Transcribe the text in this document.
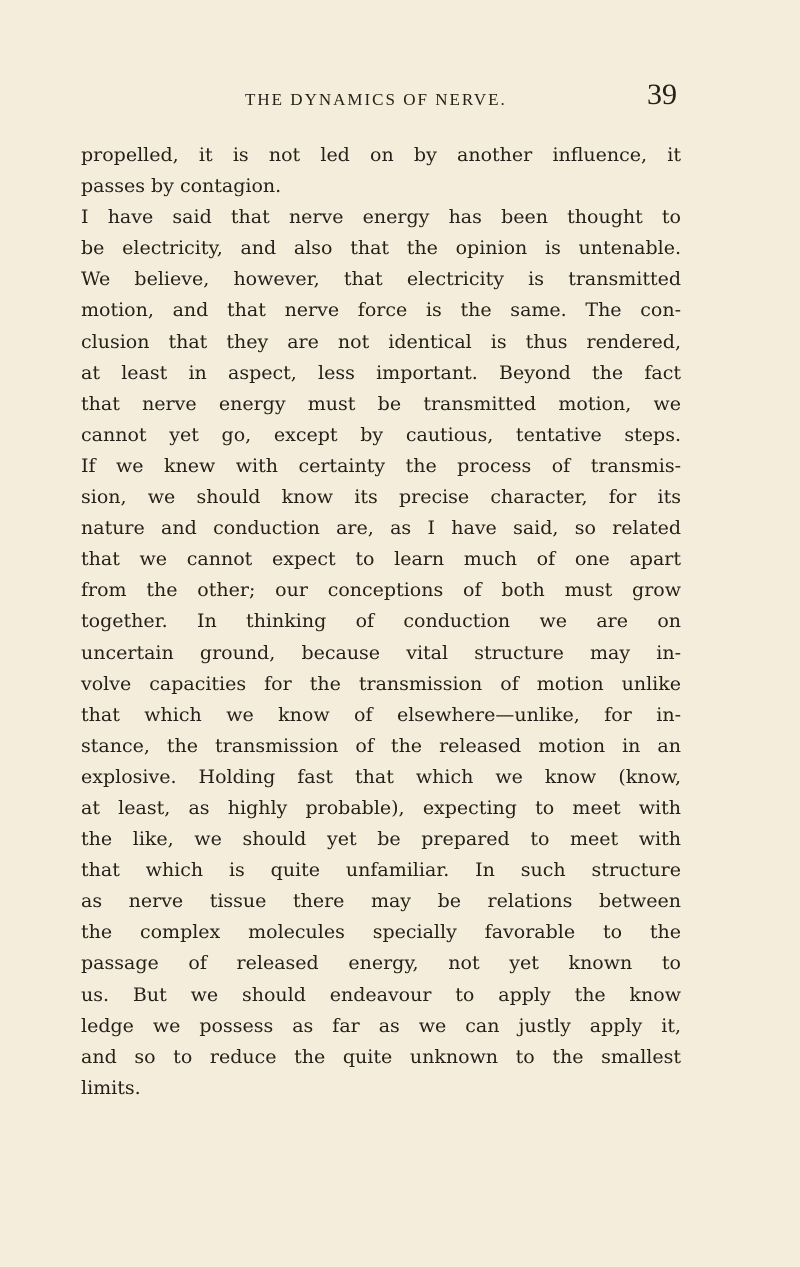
THE DYNAMICS OF NERVE.	39
propelled, it is not led on by another influence, it
passes by contagion.
I have said that nerve energy has been thought to
be electricity, and also that the opinion is untenable.
We believe, however, that electricity is transmitted
motion, and that nerve force is the same. The con-
clusion that they are not identical is thus rendered,
at least in aspect, less important. Beyond the fact
that nerve energy must be transmitted motion, we
cannot yet go, except by cautious, tentative steps.
If we knew with certainty the process of transmis-
sion, we should know its precise character, for its
nature and conduction are, as I have said, so related
that we cannot expect to learn much of one apart
from the other; our conceptions of both must grow
together. In thinking of conduction we are on
uncertain ground, because vital structure may in-
volve capacities for the transmission of motion unlike
that which we know of elsewhere—unlike, for in-
stance, the transmission of the released motion in an
explosive. Holding fast that which we know (know,
at least, as highly probable), expecting to meet with
the like, we should yet be prepared to meet with
that which is quite unfamiliar. In such structure
as nerve tissue there may be relations between
the complex molecules specially favorable to the
passage of released energy, not yet known to
us. But we should endeavour to apply the know
ledge we possess as far as we can justly apply it,
and so to reduce the quite unknown to the smallest
limits.
